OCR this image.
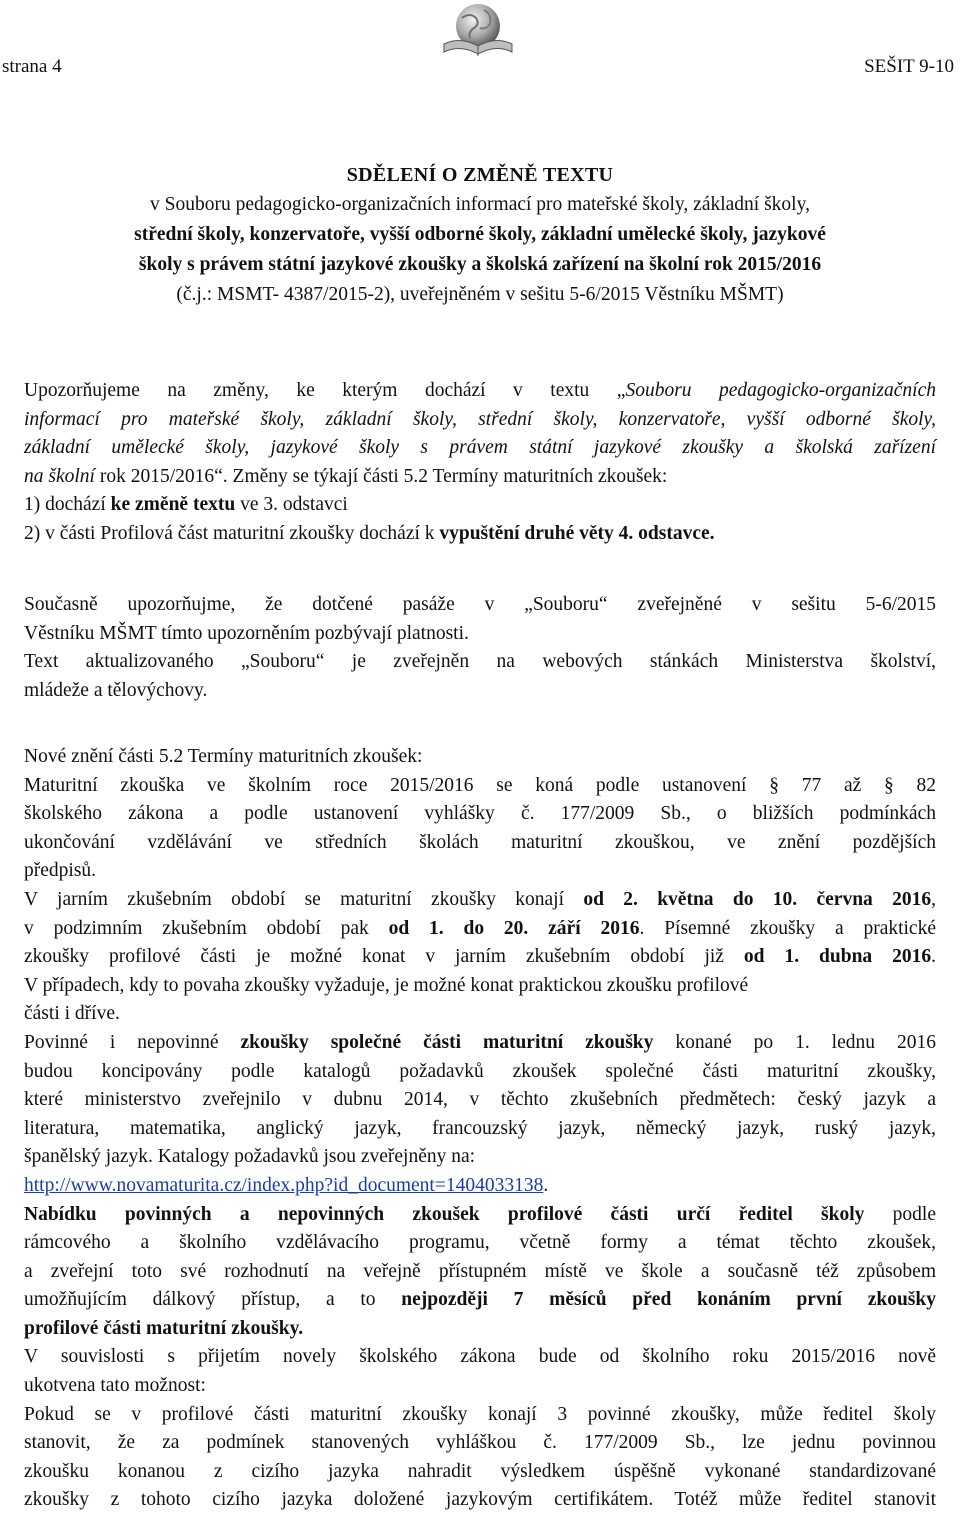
strana 4	SEŠIT 9-10
SDĚLENÍ O ZMĚNĚ TEXTU
v Souboru pedagogicko-organizačních informací pro mateřské školy, základní školy,
střední školy, konzervatoře, vyšší odborné školy, základní umělecké školy, jazykové
školy s právem státní jazykové zkoušky a školská zařízení na školní rok 2015/2016
(č.j.: MSMT- 4387/2015-2), uveřejněném v sešitu 5-6/2015 Věstníku MŠMT)
Upozorňujeme na změny, ke kterým dochází v textu „Souboru pedagogicko-organizačních
informací pro mateřské školy, základní školy, střední školy, konzervatoře, vyšší odborné školy,
základní umělecké školy, jazykové školy s právem státní jazykové zkoušky a školská zařízení
na školní rok 2015/2016“. Změny se týkají části 5.2 Termíny maturitních zkoušek:
1) dochází ke změně textu ve 3. odstavci
2) v části Profilová část maturitní zkoušky dochází k vypuštění druhé věty 4. odstavce.
Současně upozorňujme, že dotčené pasáže v „Souboru“ zveřejněné v sešitu 5-6/2015
Věstníku MŠMT tímto upozorněním pozbývají platnosti.
Text aktualizovaného „Souboru“ je zveřejněn na webových stánkách Ministerstva školství,
mládeže a tělovýchovy.
Nové znění části 5.2 Termíny maturitních zkoušek:
Maturitní zkouška ve školním roce 2015/2016 se koná podle ustanovení § 77 až § 82
školského zákona a podle ustanovení vyhlášky č. 177/2009 Sb., o bližších podmínkách
ukončování vzdělávání ve středních školách maturitní zkouškou, ve znění pozdějších
předpisů.
V jarním zkušebním období se maturitní zkoušky konají od 2. května do 10. června 2016,
v podzimním zkušebním období pak od 1. do 20. září 2016. Písemné zkoušky a praktické
zkoušky profilové části je možné konat v jarním zkušebním období již od 1. dubna 2016.
V případech, kdy to povaha zkoušky vyžaduje, je možné konat praktickou zkoušku profilové
části i dříve.
Povinné i nepovinné zkoušky společné části maturitní zkoušky konané po 1. lednu 2016
budou koncipovány podle katalogů požadavků zkoušek společné části maturitní zkoušky,
které ministerstvo zveřejnilo v dubnu 2014, v těchto zkušebních předmětech: český jazyk a
literatura, matematika, anglický jazyk, francouzský jazyk, německý jazyk, ruský jazyk,
španělský jazyk. Katalogy požadavků jsou zveřejněny na:
http://www.novamaturita.cz/index.php?id_document=1404033138.
Nabídku povinných a nepovinných zkoušek profilové části určí ředitel školy podle
rámcového a školního vzdělávacího programu, včetně formy a témat těchto zkoušek,
a zveřejní toto své rozhodnutí na veřejně přístupném místě ve škole a současně též způsobem
umožňujícím dálkový přístup, a to nejpozději 7 měsíců před konáním první zkoušky
profilové části maturitní zkoušky.
V souvislosti s přijetím novely školského zákona bude od školního roku 2015/2016 nově
ukotvena tato možnost:
Pokud se v profilové části maturitní zkoušky konají 3 povinné zkoušky, může ředitel školy
stanovit, že za podmínek stanovených vyhláškou č. 177/2009 Sb., lze jednu povinnou
zkoušku konanou z cizího jazyka nahradit výsledkem úspěšně vykonané standardizované
zkoušky z tohoto cizího jazyka doložené jazykovým certifikátem. Totéž může ředitel stanovit
